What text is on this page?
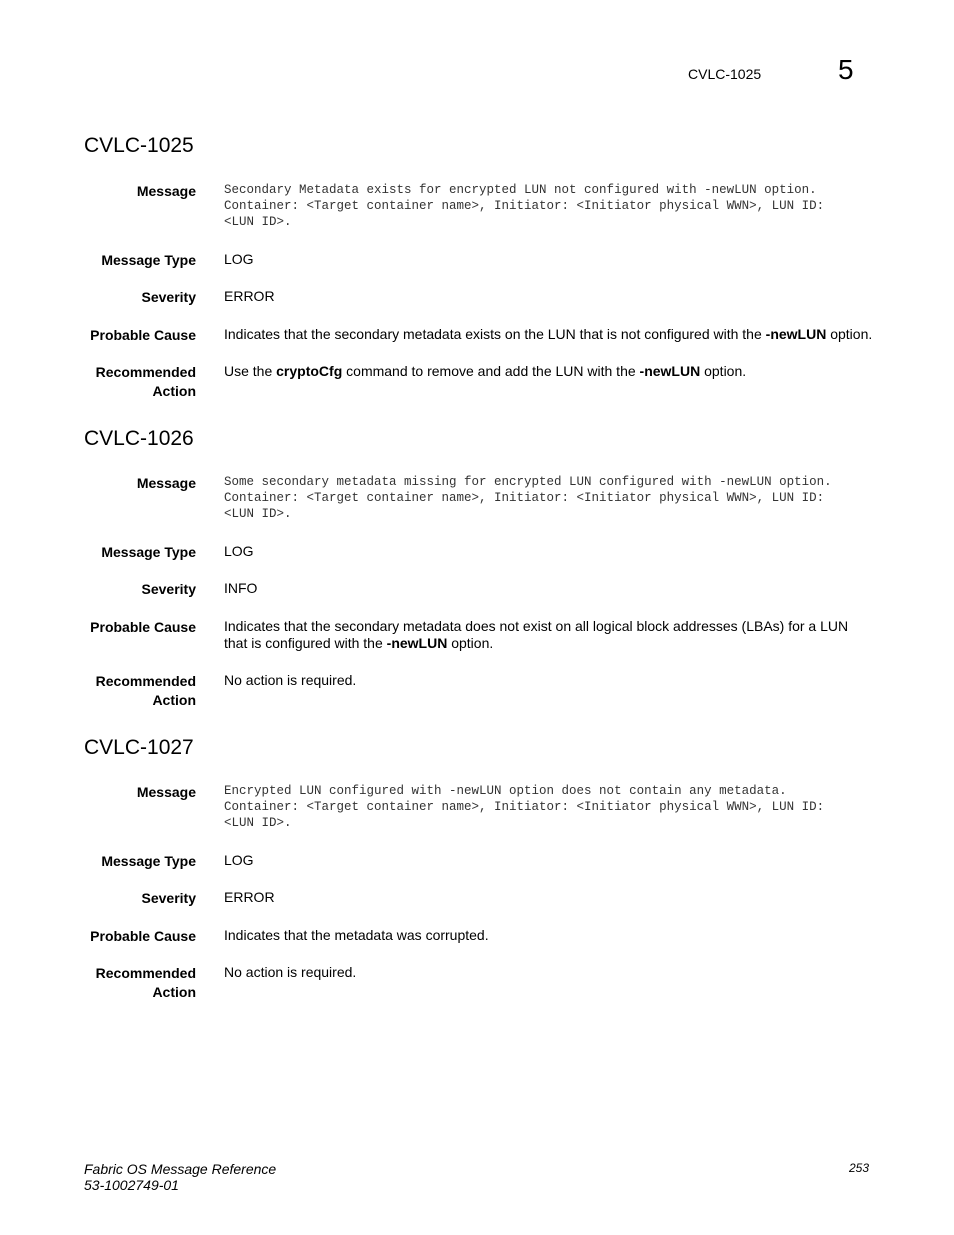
CVLC-1025	5
CVLC-1025
Message Secondary Metadata exists for encrypted LUN not configured with -newLUN option.
Container: <Target container name>, Initiator: <Initiator physical WWN>, LUN ID:
<LUN ID>.
Message Type LOG
Severity ERROR
Probable Cause Indicates that the secondary metadata exists on the LUN that is not configured with the -newLUN option.
Recommended
Action
Use the cryptoCfg command to remove and add the LUN with the -newLUN option.
CVLC-1026
Message Some secondary metadata missing for encrypted LUN configured with -newLUN option.
Container: <Target container name>, Initiator: <Initiator physical WWN>, LUN ID:
<LUN ID>.
Message Type LOG
Severity INFO
Probable Cause Indicates that the secondary metadata does not exist on all logical block addresses (LBAs) for a LUN that is configured with the -newLUN option.
Recommended
Action
No action is required.
CVLC-1027
Message Encrypted LUN configured with -newLUN option does not contain any metadata.
Container: <Target container name>, Initiator: <Initiator physical WWN>, LUN ID:
<LUN ID>.
Message Type LOG
Severity ERROR
Probable Cause Indicates that the metadata was corrupted.
Recommended
Action
No action is required.
Fabric OS Message Reference
53-1002749-01
253
